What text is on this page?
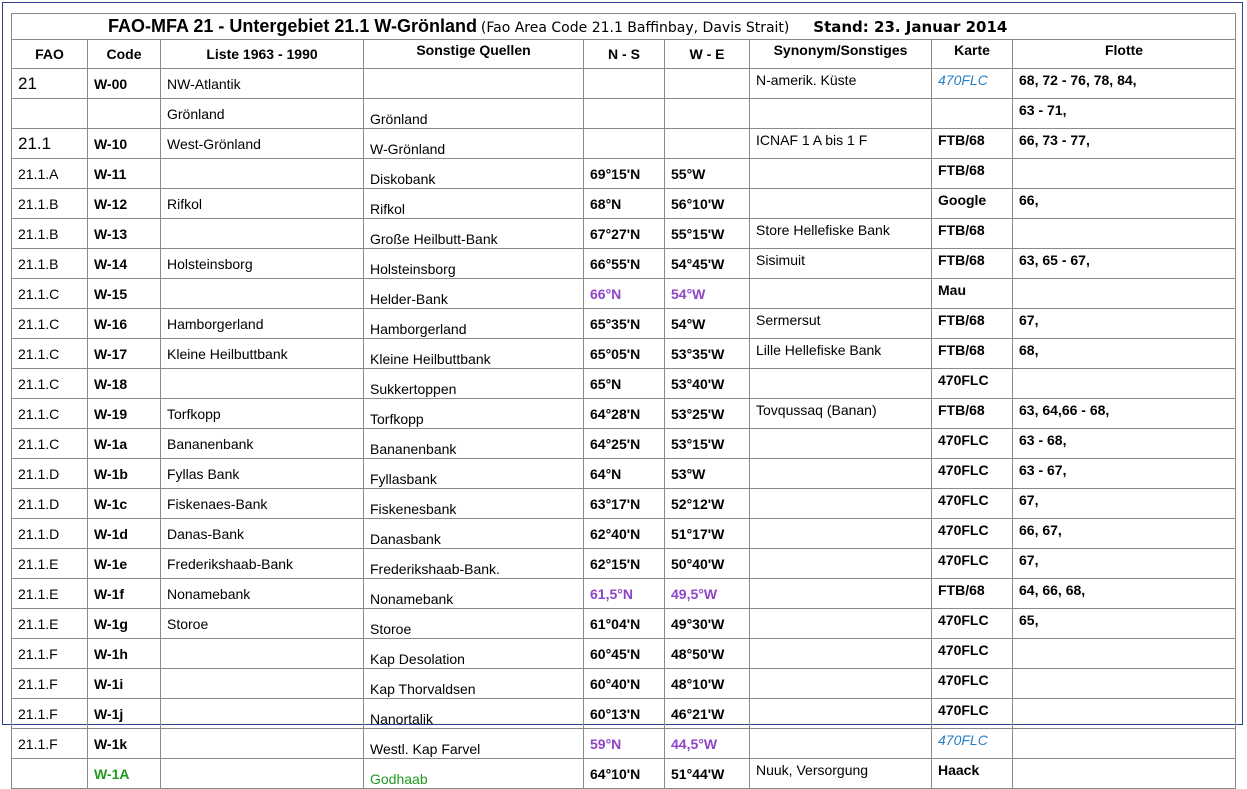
FAO-MFA 21 - Untergebiet 21.1 W-Grönland (Fao Area Code 21.1 Baffinbay, Davis Strait) Stand: 23. Januar 2014								
FAO	Code	Liste 1963 - 1990	Sonstige Quellen	N - S	W - E	Synonym/Sonstiges	Karte	Flotte
21	W-00	NW-Atlantik				N-amerik. Küste	470FLC	68, 72 - 76, 78, 84,
		Grönland	Grönland					63 - 71,
21.1	W-10	West-Grönland	W-Grönland			ICNAF 1 A bis 1 F	FTB/68	66, 73 - 77,
21.1.A	W-11		Diskobank	69°15'N	55°W		FTB/68	
21.1.B	W-12	Rifkol	Rifkol	68°N	56°10'W		Google	66,
21.1.B	W-13		Große Heilbutt-Bank	67°27'N	55°15'W	Store Hellefiske Bank	FTB/68	
21.1.B	W-14	Holsteinsborg	Holsteinsborg	66°55'N	54°45'W	Sisimuit	FTB/68	63, 65 - 67,
21.1.C	W-15		Helder-Bank	66°N	54°W		Mau	
21.1.C	W-16	Hamborgerland	Hamborgerland	65°35'N	54°W	Sermersut	FTB/68	67,
21.1.C	W-17	Kleine Heilbuttbank	Kleine Heilbuttbank	65°05'N	53°35'W	Lille Hellefiske Bank	FTB/68	68,
21.1.C	W-18		Sukkertoppen	65°N	53°40'W		470FLC	
21.1.C	W-19	Torfkopp	Torfkopp	64°28'N	53°25'W	Tovqussaq (Banan)	FTB/68	63, 64,66 - 68,
21.1.C	W-1a	Bananenbank	Bananenbank	64°25'N	53°15'W		470FLC	63 - 68,
21.1.D	W-1b	Fyllas Bank	Fyllasbank	64°N	53°W		470FLC	63 - 67,
21.1.D	W-1c	Fiskenaes-Bank	Fiskenesbank	63°17'N	52°12'W		470FLC	67,
21.1.D	W-1d	Danas-Bank	Danasbank	62°40'N	51°17'W		470FLC	66, 67,
21.1.E	W-1e	Frederikshaab-Bank	Frederikshaab-Bank.	62°15'N	50°40'W		470FLC	67,
21.1.E	W-1f	Nonamebank	Nonamebank	61,5°N	49,5°W		FTB/68	64, 66, 68,
21.1.E	W-1g	Storoe	Storoe	61°04'N	49°30'W		470FLC	65,
21.1.F	W-1h		Kap Desolation	60°45'N	48°50'W		470FLC	
21.1.F	W-1i		Kap Thorvaldsen	60°40'N	48°10'W		470FLC	
21.1.F	W-1j		Nanortalik	60°13'N	46°21'W		470FLC	
21.1.F	W-1k		Westl. Kap Farvel	59°N	44,5°W		470FLC	
	W-1A		Godhaab	64°10'N	51°44'W	Nuuk, Versorgung	Haack	
